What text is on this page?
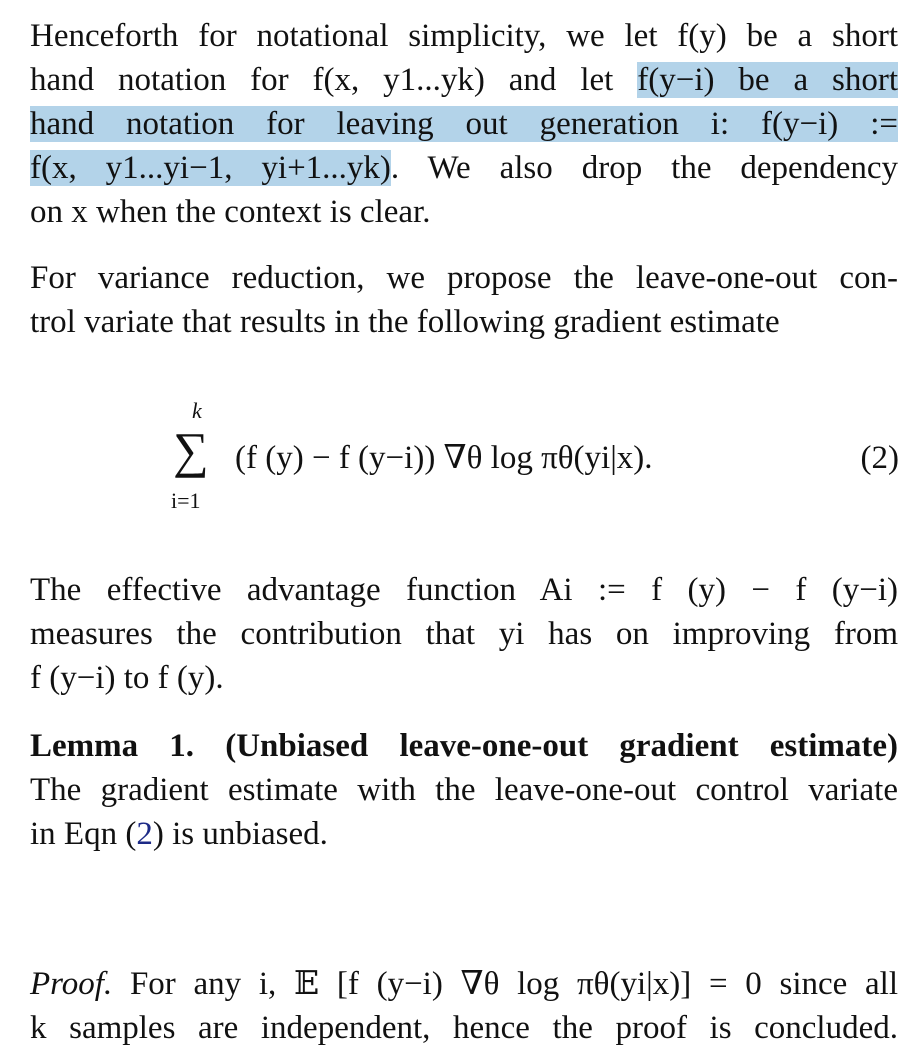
Henceforth for notational simplicity, we let f(y) be a short
hand notation for f(x, y1...yk) and let f(y−i) be a short
hand notation for leaving out generation i: f(y−i) :=
f(x, y1...yi−1, yi+1...yk). We also drop the dependency
on x when the context is clear.
For variance reduction, we propose the leave-one-out con-
trol variate that results in the following gradient estimate
k
∑
i=1
(f (y) − f (y−i)) ∇θ log πθ(yi|x).	(2)
The effective advantage function Ai := f (y) − f (y−i)
measures the contribution that yi has on improving from
f (y−i) to f (y).
Lemma 1. (Unbiased leave-one-out gradient estimate)
The gradient estimate with the leave-one-out control variate
in Eqn (2) is unbiased.
Proof. For any i, 𝔼 [f (y−i) ∇θ log πθ(yi|x)] = 0 since all
k samples are independent, hence the proof is concluded.
